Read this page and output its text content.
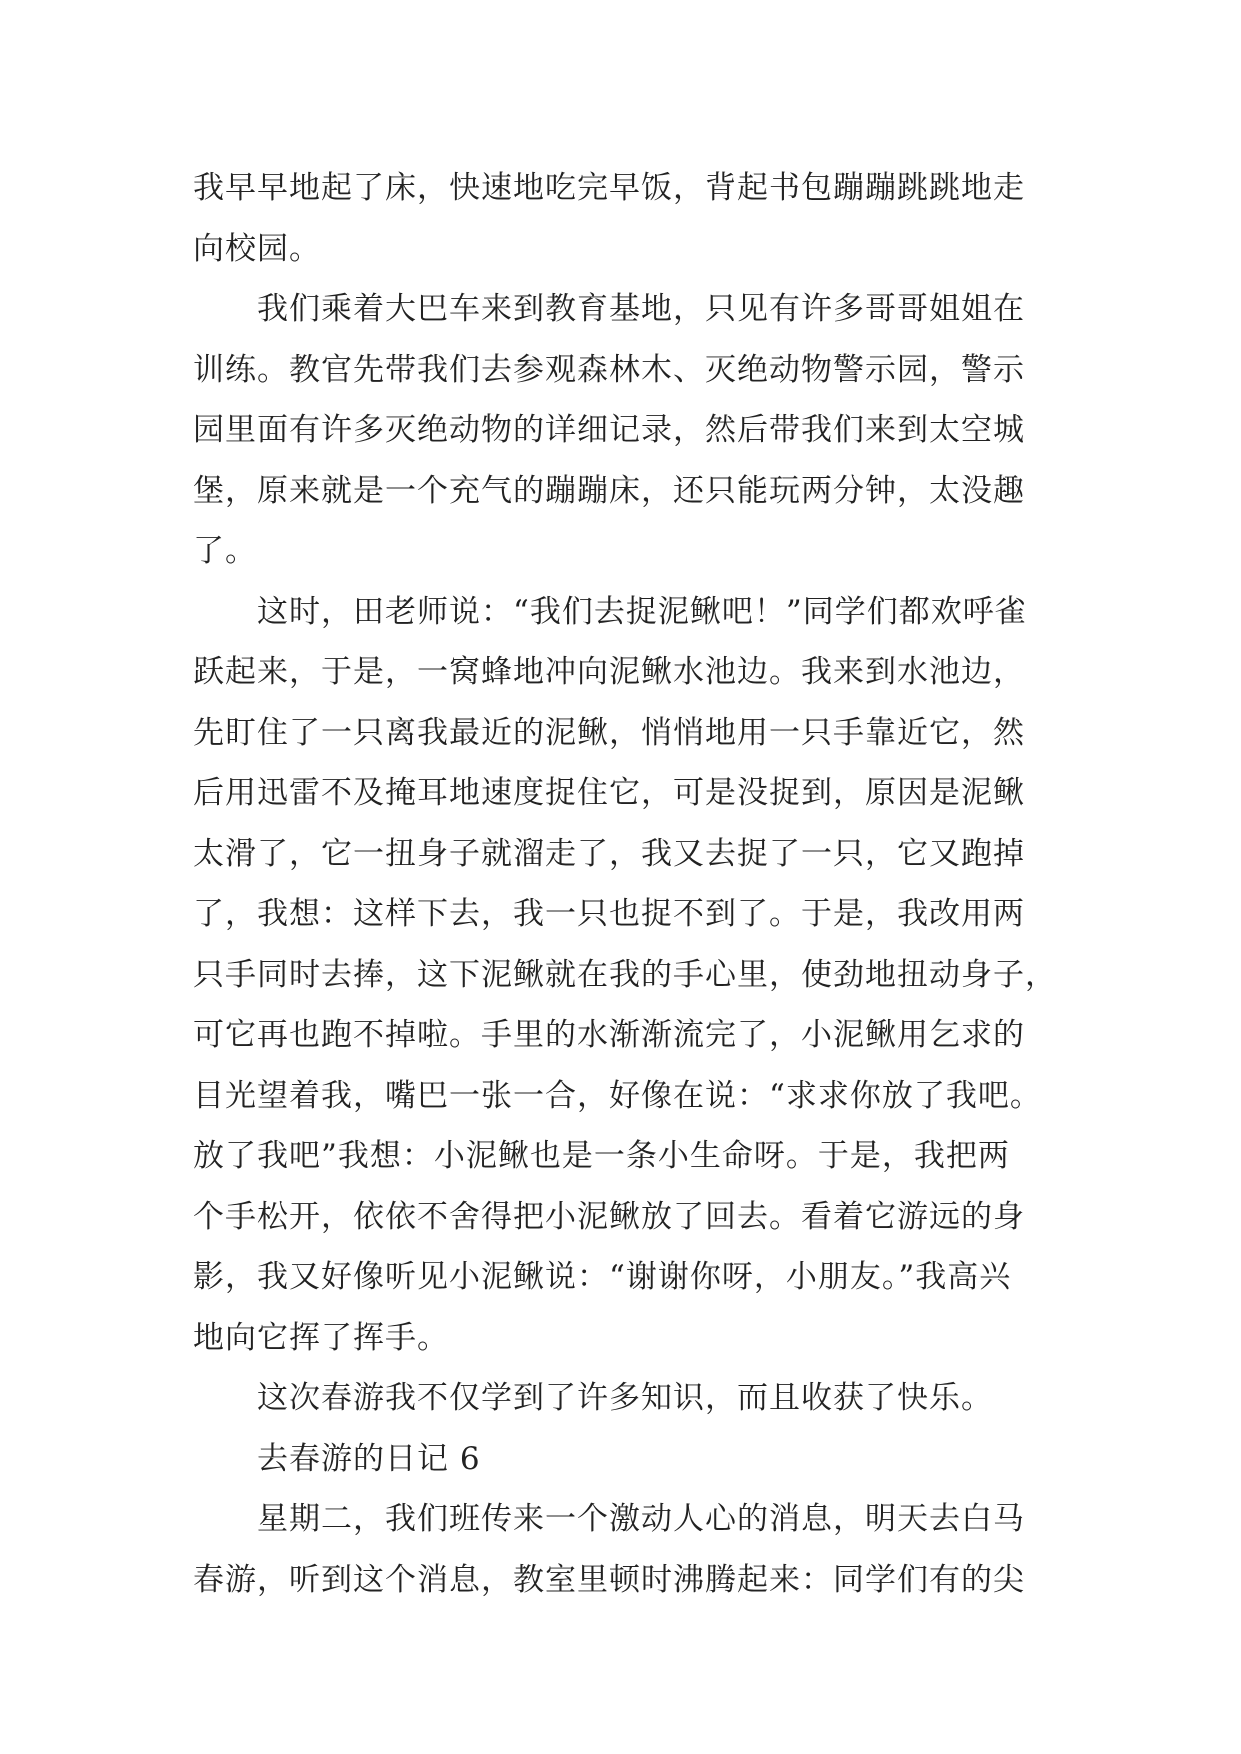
我早早地起了床，快速地吃完早饭，背起书包蹦蹦跳跳地走
向校园。
我们乘着大巴车来到教育基地，只见有许多哥哥姐姐在
训练。教官先带我们去参观森林木、灭绝动物警示园，警示
园里面有许多灭绝动物的详细记录，然后带我们来到太空城
堡，原来就是一个充气的蹦蹦床，还只能玩两分钟，太没趣
了。
这时，田老师说：“我们去捉泥鳅吧！”同学们都欢呼雀
跃起来，于是，一窝蜂地冲向泥鳅水池边。我来到水池边，
先盯住了一只离我最近的泥鳅，悄悄地用一只手靠近它，然
后用迅雷不及掩耳地速度捉住它，可是没捉到，原因是泥鳅
太滑了，它一扭身子就溜走了，我又去捉了一只，它又跑掉
了，我想：这样下去，我一只也捉不到了。于是，我改用两
只手同时去捧，这下泥鳅就在我的手心里，使劲地扭动身子，
可它再也跑不掉啦。手里的水渐渐流完了，小泥鳅用乞求的
目光望着我，嘴巴一张一合，好像在说：“求求你放了我吧。
放了我吧”我想：小泥鳅也是一条小生命呀。于是，我把两
个手松开，依依不舍得把小泥鳅放了回去。看着它游远的身
影，我又好像听见小泥鳅说：“谢谢你呀，小朋友。”我高兴
地向它挥了挥手。
这次春游我不仅学到了许多知识，而且收获了快乐。
去春游的日记 6
星期二，我们班传来一个激动人心的消息，明天去白马
春游，听到这个消息，教室里顿时沸腾起来：同学们有的尖
